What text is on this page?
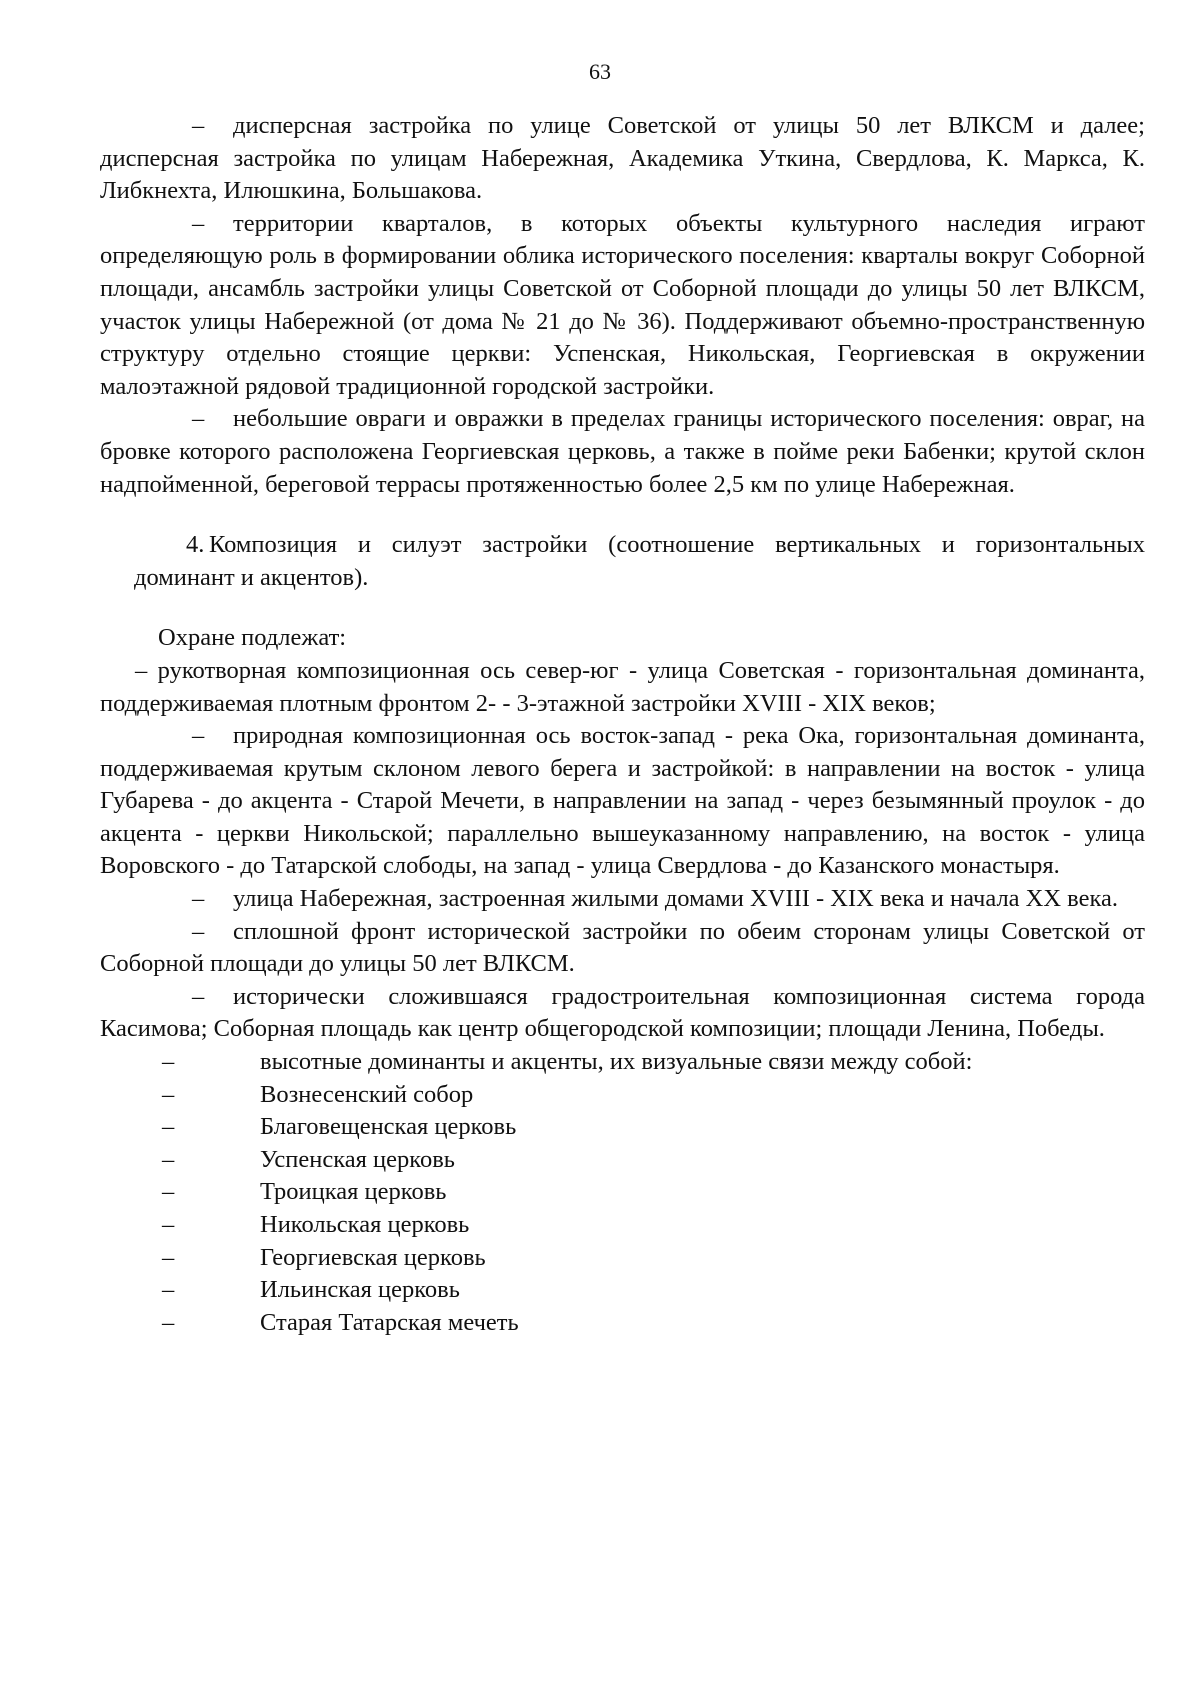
63

– дисперсная застройка по улице Советской от улицы 50 лет ВЛКСМ и далее; дисперсная застройка по улицам Набережная, Академика Уткина, Свердлова, К. Маркса, К. Либкнехта, Илюшкина, Большакова.

– территории кварталов, в которых объекты культурного наследия играют определяющую роль в формировании облика исторического поселения: кварталы вокруг Соборной площади, ансамбль застройки улицы Советской от Соборной площади до улицы 50 лет ВЛКСМ, участок улицы Набережной (от дома № 21 до № 36). Поддерживают объемно-пространственную структуру отдельно стоящие церкви: Успенская, Никольская, Георгиевская в окружении малоэтажной рядовой традиционной городской застройки.

– небольшие овраги и овражки в пределах границы исторического поселения: овраг, на бровке которого расположена Георгиевская церковь, а также в пойме реки Бабенки; крутой склон надпойменной, береговой террасы протяженностью более 2,5 км по улице Набережная.

4. Композиция и силуэт застройки (соотношение вертикальных и горизонтальных доминант и акцентов).

Охране подлежат:

– рукотворная композиционная ось север-юг - улица Советская - горизонтальная доминанта, поддерживаемая плотным фронтом 2- - 3-этажной застройки XVIII - XIX веков;

– природная композиционная ось восток-запад - река Ока, горизонтальная доминанта, поддерживаемая крутым склоном левого берега и застройкой: в направлении на восток - улица Губарева - до акцента - Старой Мечети, в направлении на запад - через безымянный проулок - до акцента - церкви Никольской; параллельно вышеуказанному направлению, на восток - улица Воровского - до Татарской слободы, на запад - улица Свердлова - до Казанского монастыря.

– улица Набережная, застроенная жилыми домами XVIII - XIX века и начала XX века.

– сплошной фронт исторической застройки по обеим сторонам улицы Советской от Соборной площади до улицы 50 лет ВЛКСМ.

– исторически сложившаяся градостроительная композиционная система города Касимова; Соборная площадь как центр общегородской композиции; площади Ленина, Победы.

–	высотные доминанты и акценты, их визуальные связи между собой:

–	Вознесенский собор

–	Благовещенская церковь

–	Успенская церковь

–	Троицкая церковь

–	Никольская церковь

–	Георгиевская церковь

–	Ильинская церковь

–	Старая Татарская мечеть
